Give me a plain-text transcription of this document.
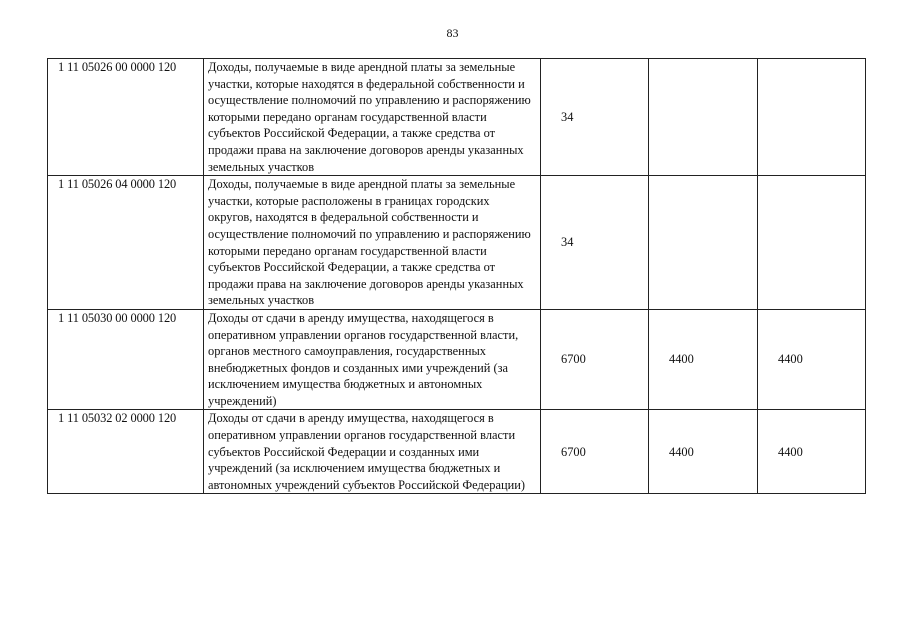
83
1 11 05026 00 0000 120	Доходы, получаемые в виде арендной платы за земельные участки, которые находятся в федеральной собственности и осуществление полномочий по управлению и распоряжению которыми передано органам государственной власти субъектов Российской Федерации, а также средства от продажи права на заключение договоров аренды указанных земельных участков	34		
1 11 05026 04 0000 120	Доходы, получаемые в виде арендной платы за земельные участки, которые расположены в границах городских округов, находятся в федеральной собственности и осуществление полномочий по управлению и распоряжению которыми передано органам государственной власти субъектов Российской Федерации, а также средства от продажи права на заключение договоров аренды указанных земельных участков	34		
1 11 05030 00 0000 120	Доходы от сдачи в аренду имущества, находящегося в оперативном управлении органов государственной власти, органов местного самоуправления, государственных внебюджетных фондов и созданных ими учреждений (за исключением имущества бюджетных и автономных учреждений)	6700	4400	4400
1 11 05032 02 0000 120	Доходы от сдачи в аренду имущества, находящегося в оперативном управлении органов государственной власти субъектов Российской Федерации и созданных ими учреждений (за исключением имущества бюджетных и автономных учреждений субъектов Российской Федерации)	6700	4400	4400
